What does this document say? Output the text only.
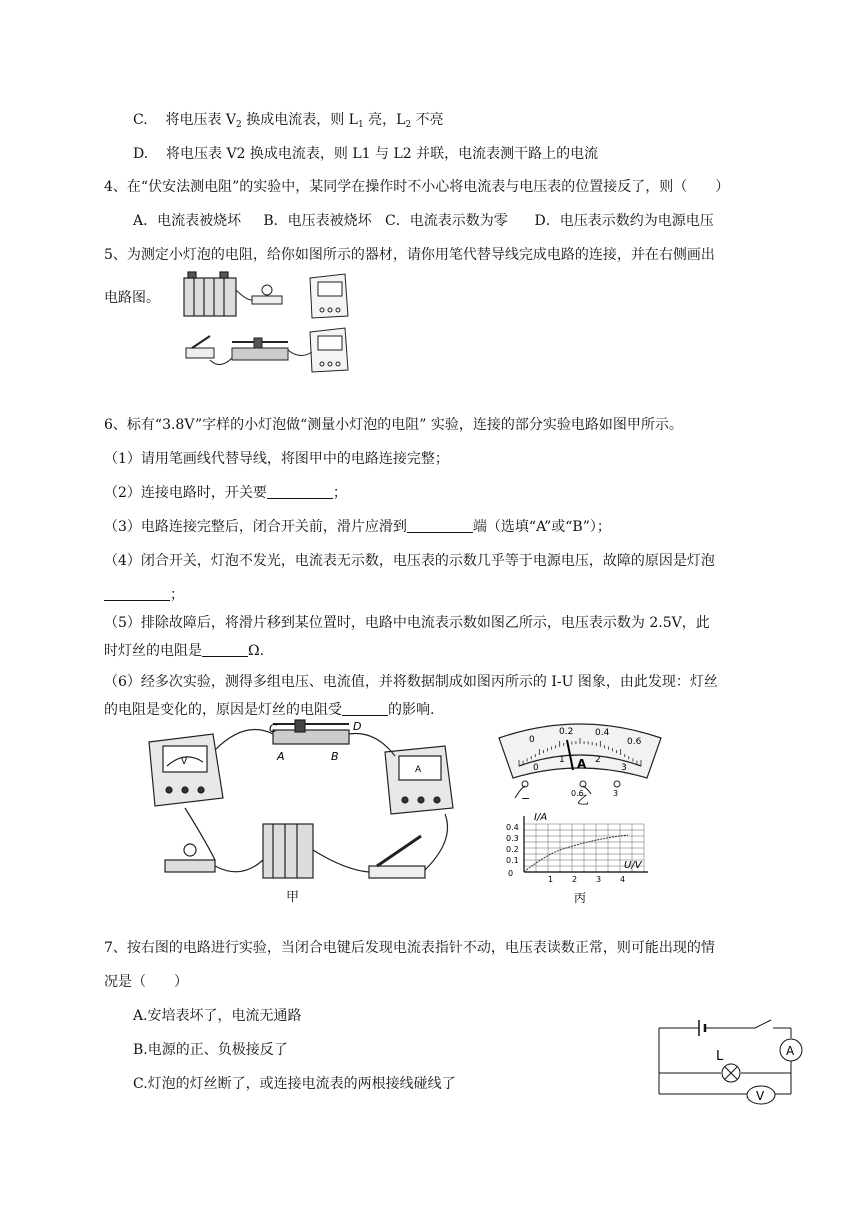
C. 将电压表 $V_2$ 换成电流表，则 $L_1$ 亮，$L_2$ 不亮
D. 将电压表 V2 换成电流表，则 L1 与 L2 并联，电流表测干路上的电流
4、在“伏安法测电阻”的实验中，某同学在操作时不小心将电流表与电压表的位置接反了，则（　　）
A．电流表被烧坏 B．电压表被烧坏 C．电流表示数为零 D．电压表示数约为电源电压
5、为测定小灯泡的电阻，给你如图所示的器材，请你用笔代替导线完成电路的连接，并在右侧画出
电路图。
6、标有“3.8V”字样的小灯泡做“测量小灯泡的电阻” 实验，连接的部分实验电路如图甲所示。
（1）请用笔画线代替导线，将图甲中的电路连接完整；
（2）连接电路时，开关要	；
（3）电路连接完整后，闭合开关前，滑片应滑到	端（选填“A”或“B”）；
（4）闭合开关，灯泡不发光，电流表无示数，电压表的示数几乎等于电源电压，故障的原因是灯泡
；
（5）排除故障后，将滑片移到某位置时，电路中电流表示数如图乙所示，电压表示数为 2.5V，此
时灯丝的电阻是	Ω.
（6）经多次实验，测得多组电压、电流值，并将数据制成如图丙所示的 I-U 图象，由此发现：灯丝
的电阻是变化的，原因是灯丝的电阻受	的影响.
C	D
A	B
V
A
甲
0
0.2 0.4
0.6
0
1	2
3
A
−	0.6	3
乙
I/A
U/V
0.4
0.3
0.2
0.1
0
1 2 3 4
丙
7、按右图的电路进行实验，当闭合电键后发现电流表指针不动，电压表读数正常，则可能出现的情
况是（　　）
A.安培表坏了，电流无通路
B.电源的正、负极接反了
C.灯泡的灯丝断了，或连接电流表的两根接线碰线了
L	A
V
